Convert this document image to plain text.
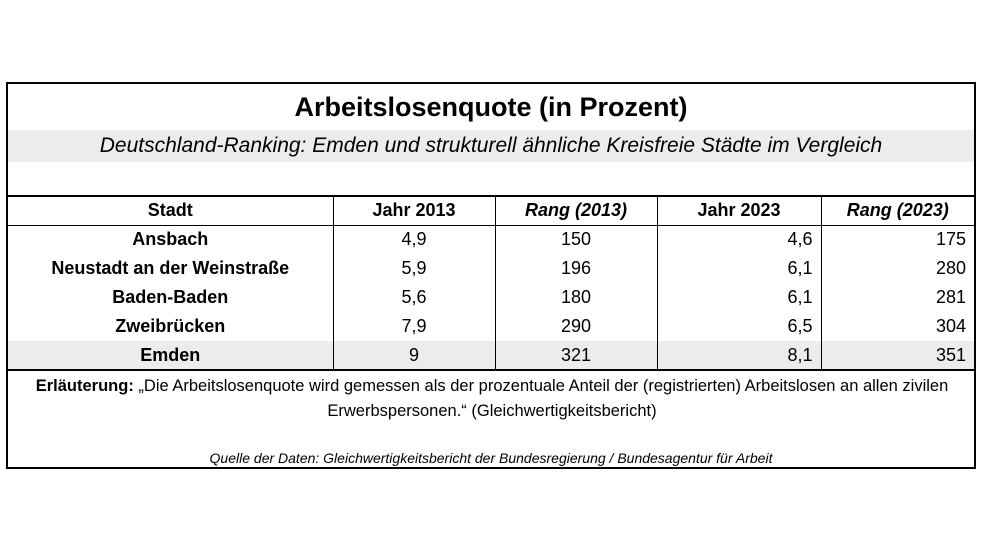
Arbeitslosenquote (in Prozent)
Deutschland-Ranking: Emden und strukturell ähnliche Kreisfreie Städte im Vergleich
Stadt	Jahr 2013	Rang (2013)	Jahr 2023	Rang (2023)
Ansbach	4,9	150	4,6	175
Neustadt an der Weinstraße	5,9	196	6,1	280
Baden-Baden	5,6	180	6,1	281
Zweibrücken	7,9	290	6,5	304
Emden	9	321	8,1	351
Erläuterung: „Die Arbeitslosenquote wird gemessen als der prozentuale Anteil der (registrierten) Arbeitslosen an allen zivilen Erwerbspersonen.“ (Gleichwertigkeitsbericht)
Quelle der Daten: Gleichwertigkeitsbericht der Bundesregierung / Bundesagentur für Arbeit
